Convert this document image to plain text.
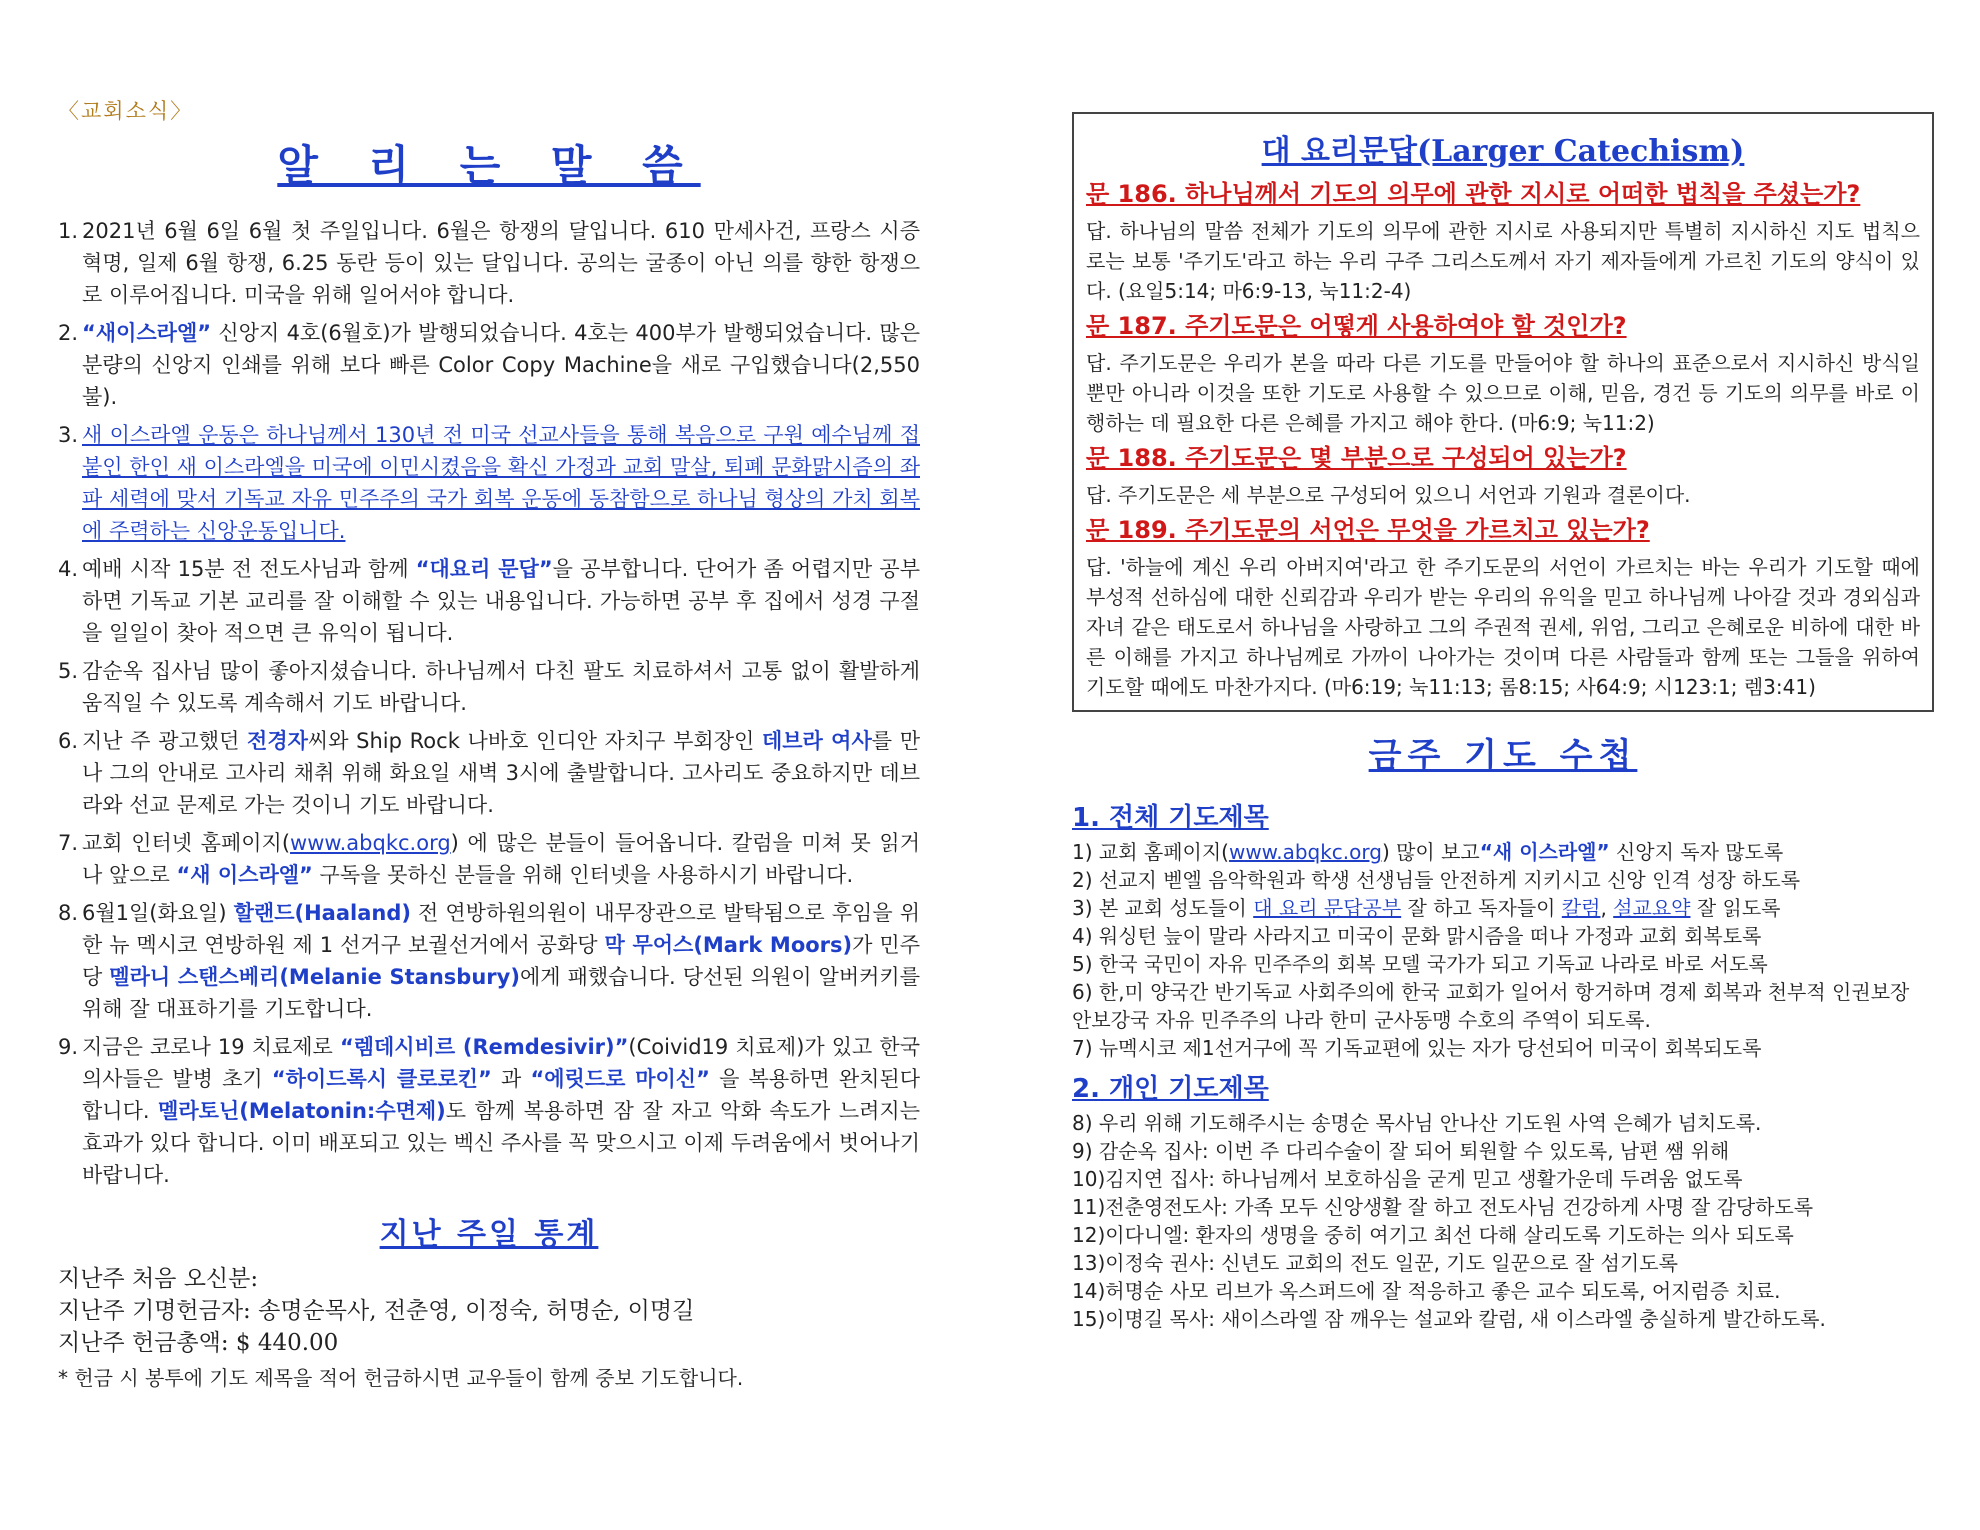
〈교회소식〉
알 리 는 말 씀
1. 2021년 6월 6일 6월 첫 주일입니다. 6월은 항쟁의 달입니다. 610 만세사건, 프랑스 시증 혁명, 일제 6월 항쟁, 6.25 동란 등이 있는 달입니다. 공의는 굴종이 아닌 의를 향한 항쟁으로 이루어집니다. 미국을 위해 일어서야 합니다.
2. “새이스라엘” 신앙지 4호(6월호)가 발행되었습니다. 4호는 400부가 발행되었습니다. 많은 분량의 신앙지 인쇄를 위해 보다 빠른 Color Copy Machine을 새로 구입했습니다(2,550불).
3. 새 이스라엘 운동은 하나님께서 130년 전 미국 선교사들을 통해 복음으로 구원 예수님께 접붙인 한인 새 이스라엘을 미국에 이민시켰음을 확신 가정과 교회 말살, 퇴폐 문화맑시즘의 좌파 세력에 맞서 기독교 자유 민주주의 국가 회복 운동에 동참함으로 하나님 형상의 가치 회복에 주력하는 신앙운동입니다.
4. 예배 시작 15분 전 전도사님과 함께 “대요리 문답”을 공부합니다. 단어가 좀 어렵지만 공부하면 기독교 기본 교리를 잘 이해할 수 있는 내용입니다. 가능하면 공부 후 집에서 성경 구절을 일일이 찾아 적으면 큰 유익이 됩니다.
5. 감순옥 집사님 많이 좋아지셨습니다. 하나님께서 다친 팔도 치료하셔서 고통 없이 활발하게 움직일 수 있도록 계속해서 기도 바랍니다.
6. 지난 주 광고했던 전경자씨와 Ship Rock 나바호 인디안 자치구 부회장인 데브라 여사를 만나 그의 안내로 고사리 채취 위해 화요일 새벽 3시에 출발합니다. 고사리도 중요하지만 데브라와 선교 문제로 가는 것이니 기도 바랍니다.
7. 교회 인터넷 홈페이지(www.abqkc.org) 에 많은 분들이 들어옵니다. 칼럼을 미쳐 못 읽거나 앞으로 “새 이스라엘” 구독을 못하신 분들을 위해 인터넷을 사용하시기 바랍니다.
8. 6월1일(화요일) 할랜드(Haaland) 전 연방하원의원이 내무장관으로 발탁됨으로 후임을 위한 뉴 멕시코 연방하원 제 1 선거구 보궐선거에서 공화당 막 무어스(Mark Moors)가 민주당 멜라니 스탠스베리(Melanie Stansbury)에게 패했습니다. 당선된 의원이 알버커키를 위해 잘 대표하기를 기도합니다.
9. 지금은 코로나 19 치료제로 “렘데시비르 (Remdesivir)”(Coivid19 치료제)가 있고 한국 의사들은 발병 초기 “하이드록시 클로로킨” 과 “에릿드로 마이신” 을 복용하면 완치된다 합니다. 멜라토닌(Melatonin:수면제)도 함께 복용하면 잠 잘 자고 악화 속도가 느려지는 효과가 있다 합니다. 이미 배포되고 있는 벡신 주사를 꼭 맞으시고 이제 두려움에서 벗어나기 바랍니다.
지난 주일 통계
지난주 처음 오신분:
지난주 기명헌금자: 송명순목사, 전춘영, 이정숙, 허명순, 이명길
지난주 헌금총액: $ 440.00
* 헌금 시 봉투에 기도 제목을 적어 헌금하시면 교우들이 함께 중보 기도합니다.
대 요리문답(Larger Catechism)
문 186. 하나님께서 기도의 의무에 관한 지시로 어떠한 법칙을 주셨는가?
답. 하나님의 말씀 전체가 기도의 의무에 관한 지시로 사용되지만 특별히 지시하신 지도 법칙으로는 보통 '주기도'라고 하는 우리 구주 그리스도께서 자기 제자들에게 가르친 기도의 양식이 있다. (요일5:14; 마6:9-13, 눅11:2-4)
문 187. 주기도문은 어떻게 사용하여야 할 것인가?
답. 주기도문은 우리가 본을 따라 다른 기도를 만들어야 할 하나의 표준으로서 지시하신 방식일 뿐만 아니라 이것을 또한 기도로 사용할 수 있으므로 이해, 믿음, 경건 등 기도의 의무를 바로 이행하는 데 필요한 다른 은혜를 가지고 해야 한다. (마6:9; 눅11:2)
문 188. 주기도문은 몇 부분으로 구성되어 있는가?
답. 주기도문은 세 부분으로 구성되어 있으니 서언과 기원과 결론이다.
문 189. 주기도문의 서언은 무엇을 가르치고 있는가?
답. '하늘에 계신 우리 아버지여'라고 한 주기도문의 서언이 가르치는 바는 우리가 기도할 때에 부성적 선하심에 대한 신뢰감과 우리가 받는 우리의 유익을 믿고 하나님께 나아갈 것과 경외심과 자녀 같은 태도로서 하나님을 사랑하고 그의 주권적 권세, 위엄, 그리고 은혜로운 비하에 대한 바른 이해를 가지고 하나님께로 가까이 나아가는 것이며 다른 사람들과 함께 또는 그들을 위하여 기도할 때에도 마찬가지다. (마6:19; 눅11:13; 롬8:15; 사64:9; 시123:1; 렘3:41)
금주 기도 수첩
1. 전체 기도제목
1) 교회 홈페이지(www.abqkc.org) 많이 보고“새 이스라엘” 신앙지 독자 많도록
2) 선교지 벧엘 음악학원과 학생 선생님들 안전하게 지키시고 신앙 인격 성장 하도록
3) 본 교회 성도들이 대 요리 문답공부 잘 하고 독자들이 칼럼, 설교요약 잘 읽도록
4) 워싱턴 늪이 말라 사라지고 미국이 문화 맑시즘을 떠나 가정과 교회 회복토록
5) 한국 국민이 자유 민주주의 회복 모델 국가가 되고 기독교 나라로 바로 서도록
6) 한,미 양국간 반기독교 사회주의에 한국 교회가 일어서 항거하며 경제 회복과 천부적 인권보장 안보강국 자유 민주주의 나라 한미 군사동맹 수호의 주역이 되도록.
7) 뉴멕시코 제1선거구에 꼭 기독교편에 있는 자가 당선되어 미국이 회복되도록
2. 개인 기도제목
8) 우리 위해 기도해주시는 송명순 목사님 안나산 기도원 사역 은혜가 넘치도록.
9) 감순옥 집사: 이번 주 다리수술이 잘 되어 퇴원할 수 있도록, 남편 쌤 위해
10)김지연 집사: 하나님께서 보호하심을 굳게 믿고 생활가운데 두려움 없도록
11)전춘영전도사: 가족 모두 신앙생활 잘 하고 전도사님 건강하게 사명 잘 감당하도록
12)이다니엘: 환자의 생명을 중히 여기고 최선 다해 살리도록 기도하는 의사 되도록
13)이정숙 권사: 신년도 교회의 전도 일꾼, 기도 일꾼으로 잘 섬기도록
14)허명순 사모 리브가 옥스퍼드에 잘 적응하고 좋은 교수 되도록, 어지럼증 치료.
15)이명길 목사: 새이스라엘 잠 깨우는 설교와 칼럼, 새 이스라엘 충실하게 발간하도록.
